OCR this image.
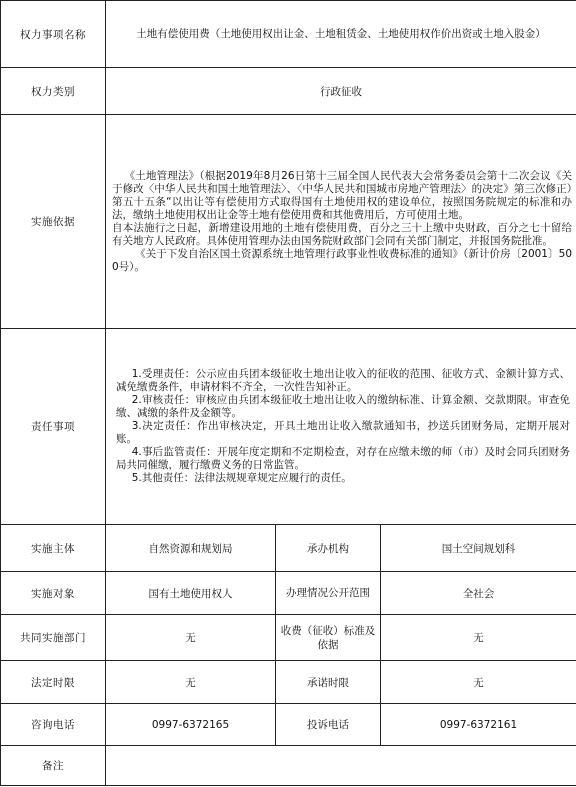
权力事项名称	土地有偿使用费（土地使用权出让金、土地租赁金、土地使用权作价出资或土地入股金）		
权力类别	行政征收		
实施依据	《土地管理法》（根据2019年8月26日第十三届全国人民代表大会常务委员会第十二次会议《关于修改〈中华人民共和国土地管理法〉、〈中华人民共和国城市房地产管理法〉的决定》第三次修正）第五十五条“以出让等有偿使用方式取得国有土地使用权的建设单位，按照国务院规定的标准和办法，缴纳土地使用权出让金等土地有偿使用费和其他费用后，方可使用土地。

自本法施行之日起，新增建设用地的土地有偿使用费，百分之三十上缴中央财政，百分之七十留给有关地方人民政府。具体使用管理办法由国务院财政部门会同有关部门制定，并报国务院批准。

《关于下发自治区国土资源系统土地管理行政事业性收费标准的通知》（新计价房〔2001〕500号）。		

责任事项	1.受理责任：公示应由兵团本级征收土地出让收入的征收的范围、征收方式、金额计算方式、减免缴费条件，申请材料不齐全，一次性告知补正。

2.审核责任：审核应由兵团本级征收土地出让收入的缴纳标准、计算金额、交款期限。审查免缴、减缴的条件及金额等。

3.决定责任：作出审核决定，开具土地出让收入缴款通知书，抄送兵团财务局，定期开展对账。

4.事后监管责任：开展年度定期和不定期检查，对存在应缴未缴的师（市）及时会同兵团财务局共同催缴，履行缴费义务的日常监管。

5.其他责任：法律法规规章规定应履行的责任。		

实施主体	自然资源和规划局	承办机构	国土空间规划科
实施对象	国有土地使用权人	办理情况公开范围	全社会
共同实施部门	无	收费（征收）标准及依据	无
法定时限	无	承诺时限	无
咨询电话	0997-6372165	投诉电话	0997-6372161
备注			
